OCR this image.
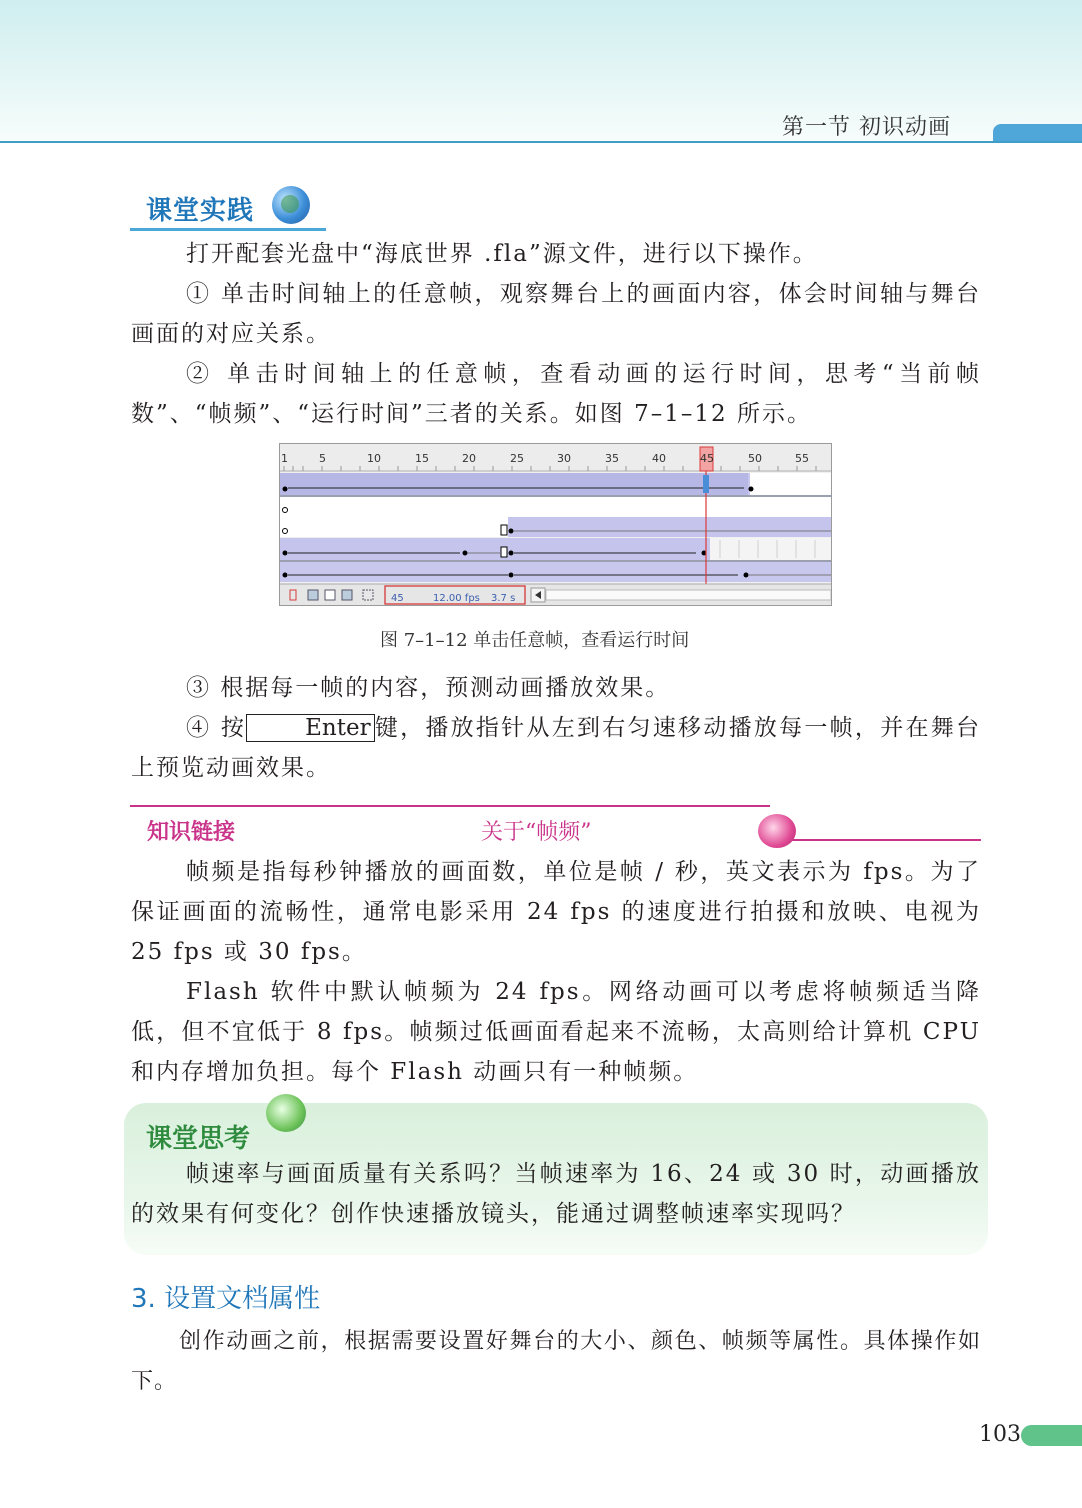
第一节 初识动画
课堂实践
打开配套光盘中“海底世界 .fla”源文件，进行以下操作。
① 单击时间轴上的任意帧，观察舞台上的画面内容，体会时间轴与舞台画面的对应关系。
② 单击时间轴上的任意帧，查看动画的运行时间，思考“当前帧数”、“帧频”、“运行时间”三者的关系。如图 7–1–12 所示。
1	5	10	15	20	25	30	35	40	45	50	55
45	12.00 fps 3.7 s
图 7–1–12 单击任意帧，查看运行时间
③ 根据每一帧的内容，预测动画播放效果。
④ 按	Enter 键，播放指针从左到右匀速移动播放每一帧，并在舞台上预览动画效果。
知识链接	关于“帧频”
帧频是指每秒钟播放的画面数，单位是帧 / 秒，英文表示为 fps。为了保证画面的流畅性，通常电影采用 24 fps 的速度进行拍摄和放映、电视为 25 fps 或 30 fps。
Flash 软件中默认帧频为 24 fps。网络动画可以考虑将帧频适当降低，但不宜低于 8 fps。帧频过低画面看起来不流畅，太高则给计算机 CPU 和内存增加负担。每个 Flash 动画只有一种帧频。
课堂思考
帧速率与画面质量有关系吗？当帧速率为 16、24 或 30 时，动画播放的效果有何变化？创作快速播放镜头，能通过调整帧速率实现吗？
3. 设置文档属性
创作动画之前，根据需要设置好舞台的大小、颜色、帧频等属性。具体操作如下。
103
